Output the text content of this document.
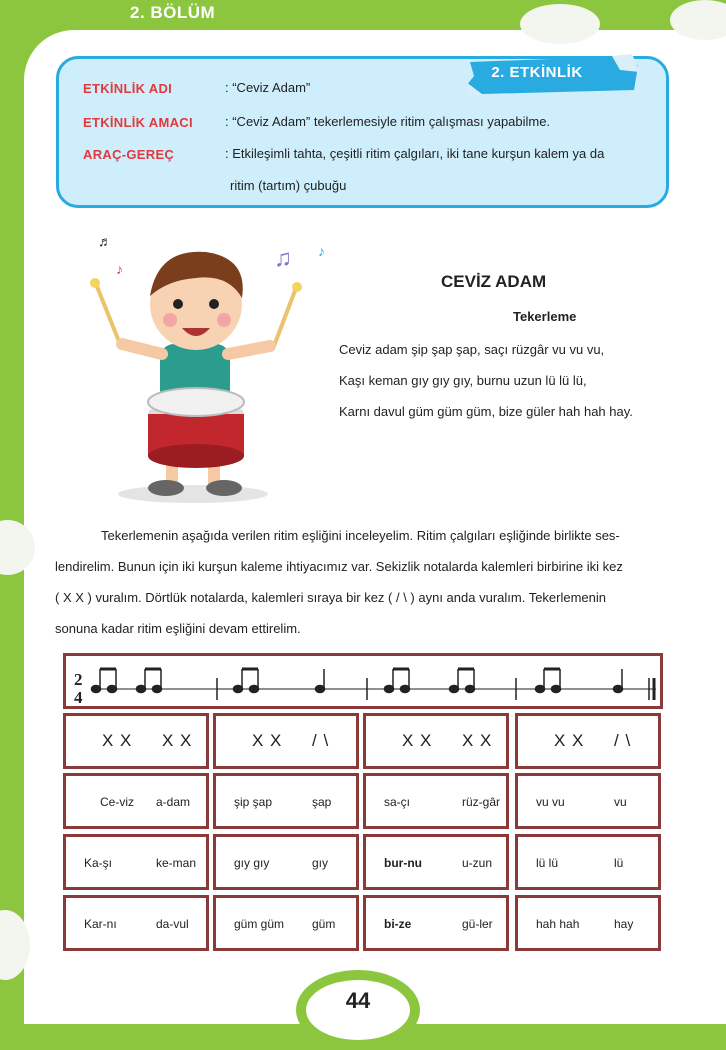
2. BÖLÜM
ETKİNLİK ADI	: “Ceviz Adam”
ETKİNLİK AMACI	: “Ceviz Adam” tekerlemesiyle ritim çalışması yapabilme.
ARAÇ-GEREÇ	: Etkileşimli tahta, çeşitli ritim çalgıları, iki tane kurşun kalem ya da
ritim (tartım) çubuğu
2. ETKİNLİK
♬
♪	♫ ♪
CEVİZ ADAM
Tekerleme
Ceviz adam şip şap şap, saçı rüzgâr vu vu vu,
Kaşı keman gıy gıy gıy, burnu uzun lü lü lü,
Karnı davul güm güm güm, bize güler hah hah hay.

Tekerlemenin aşağıda verilen ritim eşliğini inceleyelim. Ritim çalgıları eşliğinde birlikte ses-

lendirelim. Bunun için iki kurşun kaleme ihtiyacımız var. Sekizlik notalarda kalemleri birbirine iki kez

( X X ) vuralım. Dörtlük notalarda, kalemleri sıraya bir kez ( / \ ) aynı anda vuralım. Tekerlemenin

sonuna kadar ritim eşliğini devam ettirelim.

2
4
X X X X	X X / \	X X X X	X X / \
Ce-viz a-dam	şip şap	şap	sa-çı	rüz-gâr	vu vu	vu
Ka-şı	ke-man	gıy gıy	gıy	bur-nu	u-zun	lü lü	lü
Kar-nı	da-vul	güm güm güm	bi-ze	gü-ler	hah hah	hay
44
